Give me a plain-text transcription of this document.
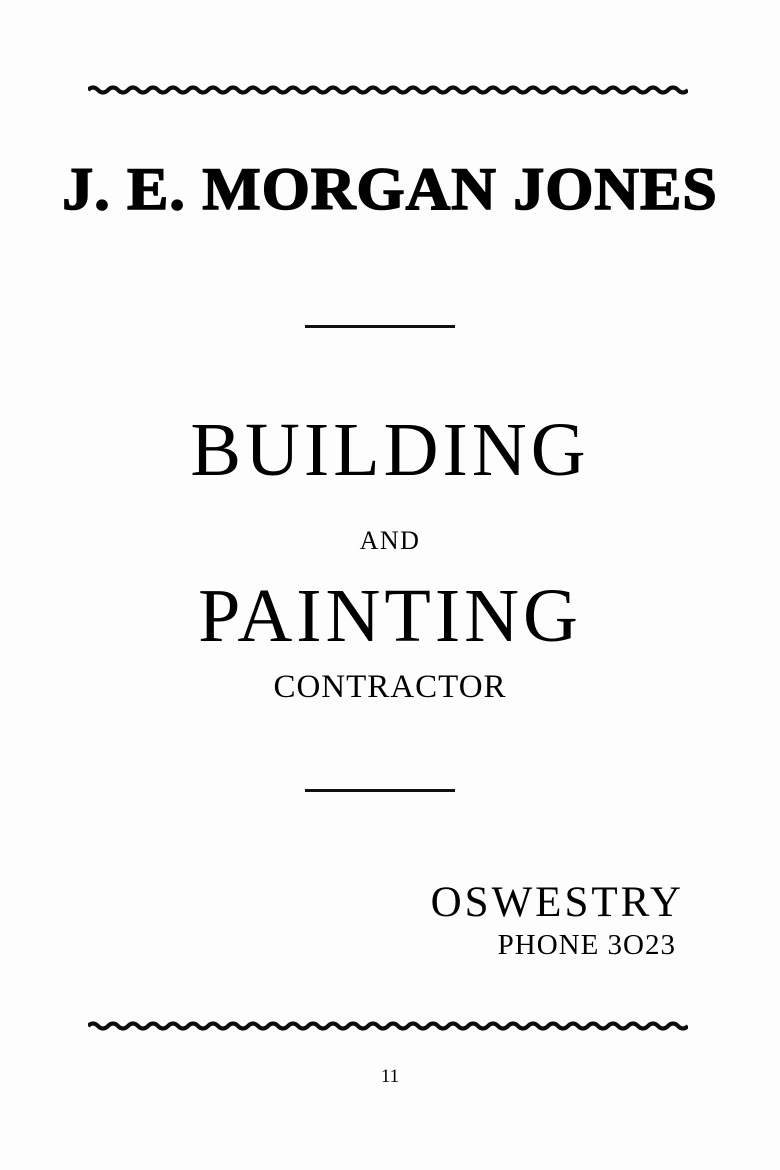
J. E. MORGAN JONES
BUILDING
AND
PAINTING
CONTRACTOR
OSWESTRY
PHONE 3O23
11
